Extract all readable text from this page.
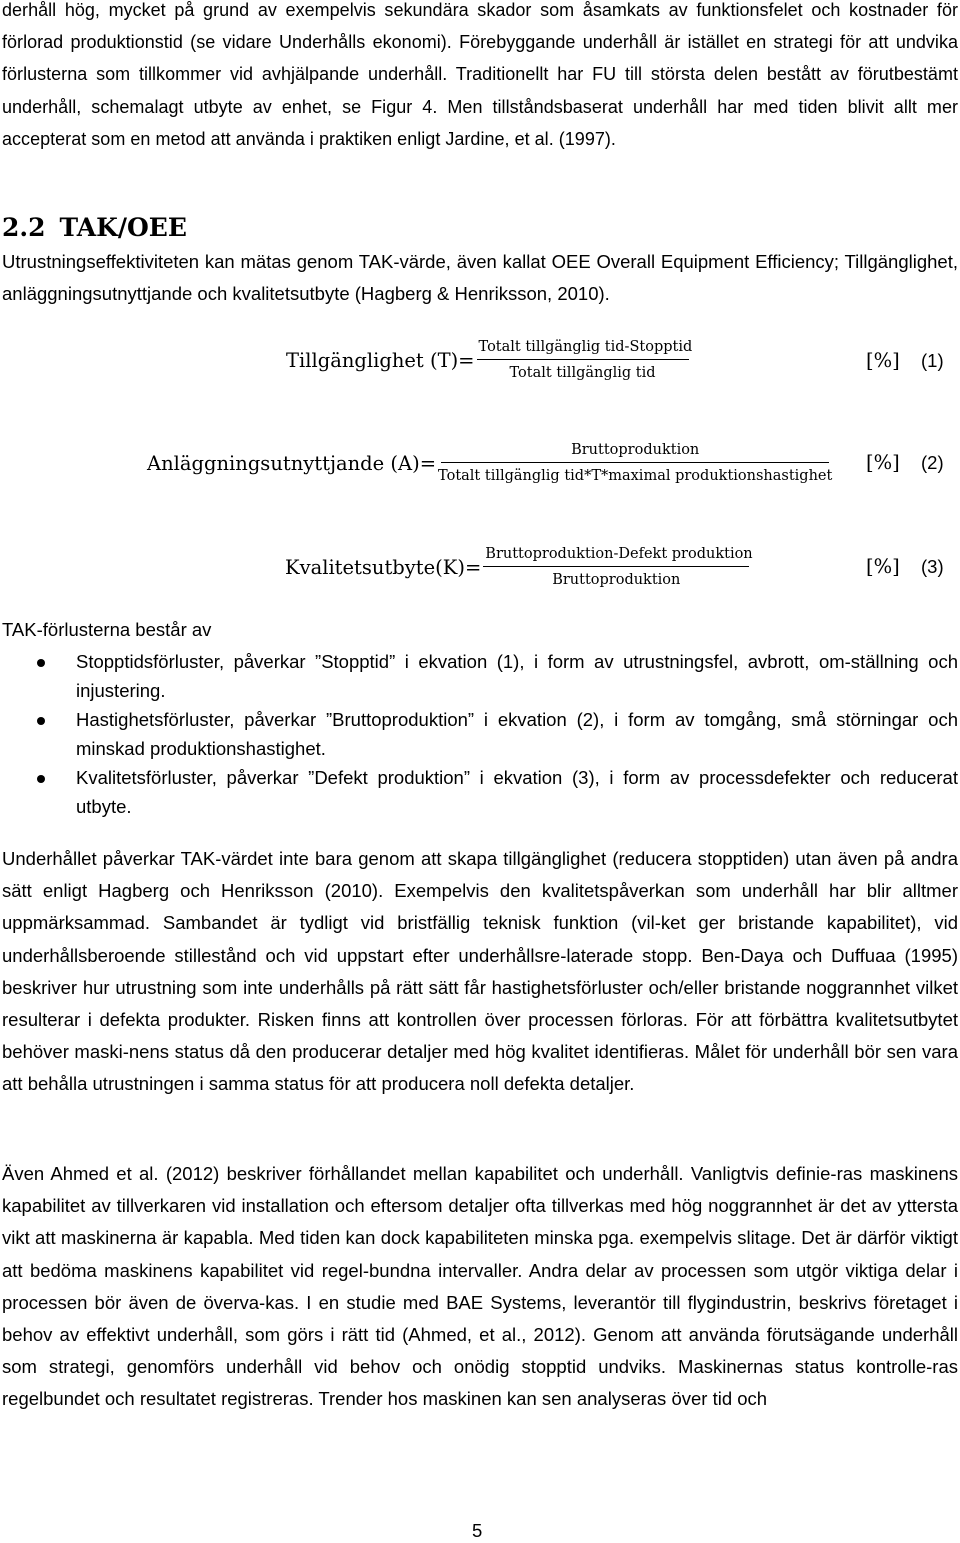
derhåll hög, mycket på grund av exempelvis sekundära skador som åsamkats av funktionsfelet och kostnader för förlorad produktionstid (se vidare Underhålls ekonomi). Förebyggande underhåll är istället en strategi för att undvika förlusterna som tillkommer vid avhjälpande underhåll. Traditionellt har FU till största delen bestått av förutbestämt underhåll, schemalagt utbyte av enhet, se Figur 4. Men tillståndsbaserat underhåll har med tiden blivit allt mer accepterat som en metod att använda i praktiken enligt Jardine, et al. (1997).

2.2 TAK/OEE

Utrustningseffektiviteten kan mätas genom TAK-värde, även kallat OEE Overall Equipment Efficiency; Tillgänglighet, anläggningsutnyttjande och kvalitetsutbyte (Hagberg & Henriksson, 2010).

Tillgänglighet $(T)= \frac{\text{Totalt tillgänglig tid-Stopptid}}{\text{Totalt tillgänglig tid}}$	[%] (1)
Anläggningsutnyttjande $(A)= \frac{\text{Bruttoproduktion}}{\text{Totalt tillgänglig tid*T*maximal produktionshastighet}}$ [%] (2)
Kvalitetsutbyte(K)= $\frac{\text{Bruttoproduktion-Defekt produktion}}{\text{Bruttoproduktion}}$	[%] (3)

TAK-förlusterna består av

Stopptidsförluster, påverkar ”Stopptid” i ekvation (1), i form av utrustningsfel, avbrott, om-ställning och injustering.
Hastighetsförluster, påverkar ”Bruttoproduktion” i ekvation (2), i form av tomgång, små störningar och minskad produktionshastighet.
Kvalitetsförluster, påverkar ”Defekt produktion” i ekvation (3), i form av processdefekter och reducerat utbyte.

Underhållet påverkar TAK-värdet inte bara genom att skapa tillgänglighet (reducera stopptiden) utan även på andra sätt enligt Hagberg och Henriksson (2010). Exempelvis den kvalitetspåverkan som underhåll har blir alltmer uppmärksammad. Sambandet är tydligt vid bristfällig teknisk funktion (vil-ket ger bristande kapabilitet), vid underhållsberoende stillestånd och vid uppstart efter underhållsre-laterade stopp. Ben-Daya och Duffuaa (1995) beskriver hur utrustning som inte underhålls på rätt sätt får hastighetsförluster och/eller bristande noggrannhet vilket resulterar i defekta produkter. Risken finns att kontrollen över processen förloras. För att förbättra kvalitetsutbytet behöver maski-nens status då den producerar detaljer med hög kvalitet identifieras. Målet för underhåll bör sen vara att behålla utrustningen i samma status för att producera noll defekta detaljer.

Även Ahmed et al. (2012) beskriver förhållandet mellan kapabilitet och underhåll. Vanligtvis definie-ras maskinens kapabilitet av tillverkaren vid installation och eftersom detaljer ofta tillverkas med hög noggrannhet är det av yttersta vikt att maskinerna är kapabla. Med tiden kan dock kapabiliteten minska pga. exempelvis slitage. Det är därför viktigt att bedöma maskinens kapabilitet vid regel-bundna intervaller. Andra delar av processen som utgör viktiga delar i processen bör även de överva-kas. I en studie med BAE Systems, leverantör till flygindustrin, beskrivs företaget i behov av effektivt underhåll, som görs i rätt tid (Ahmed, et al., 2012). Genom att använda förutsägande underhåll som strategi, genomförs underhåll vid behov och onödig stopptid undviks. Maskinernas status kontrolle-ras regelbundet och resultatet registreras. Trender hos maskinen kan sen analyseras över tid och

5
